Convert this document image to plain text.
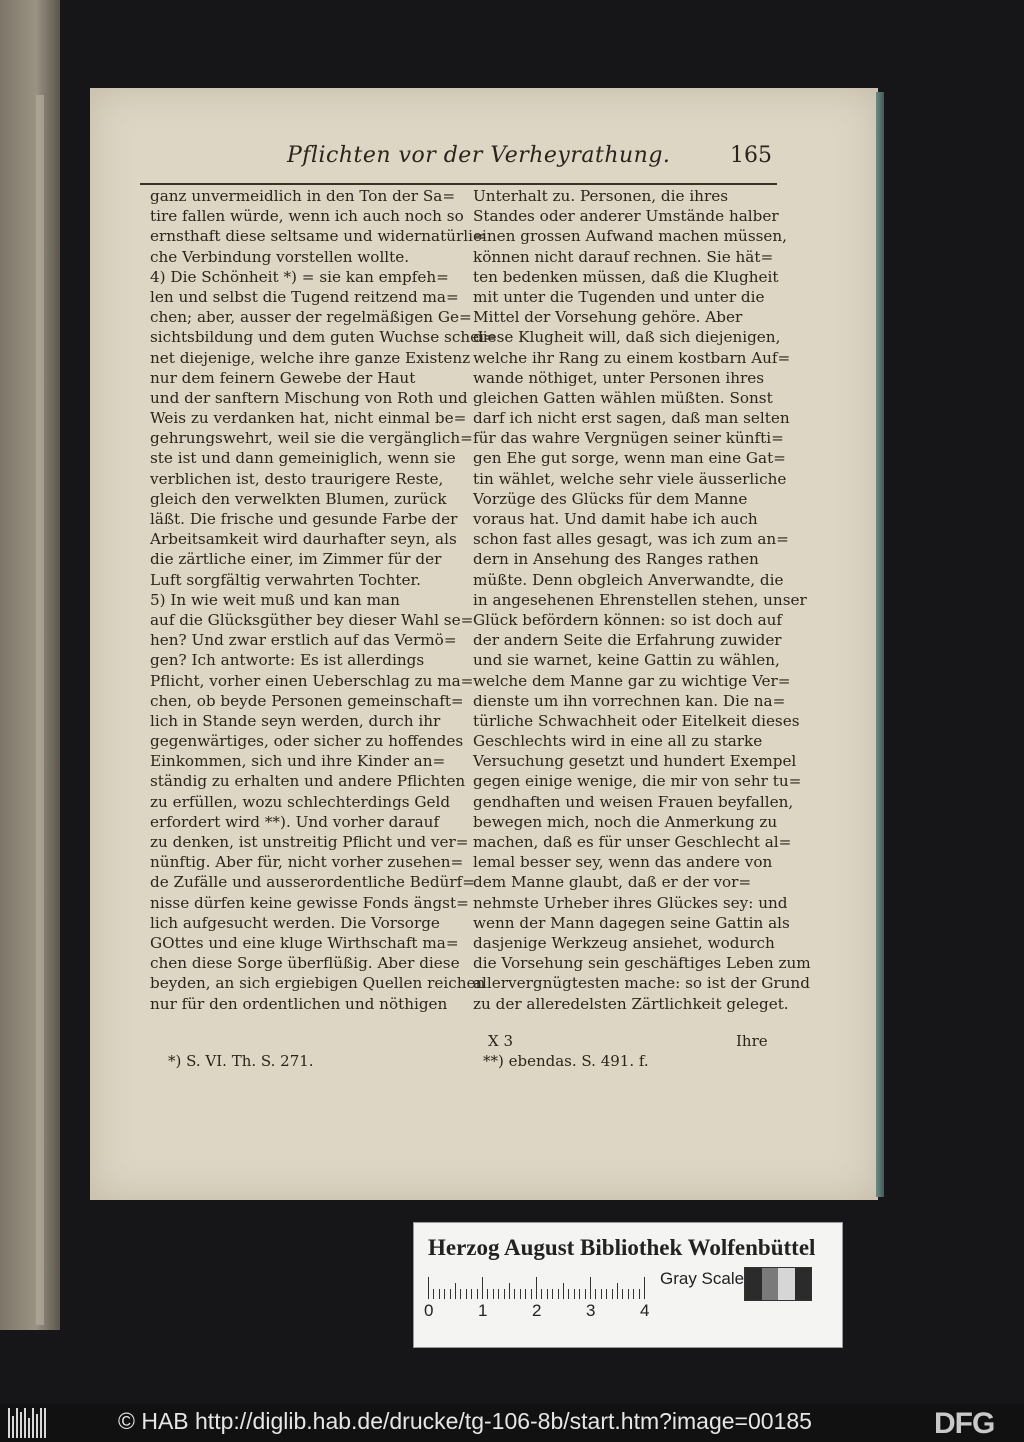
Pflichten vor der Verheyrathung.	165
ganz unvermeidlich in den Ton der Sa=
tire fallen würde, wenn ich auch noch so
ernsthaft diese seltsame und widernatürli=
che Verbindung vorstellen wollte.
4) Die Schönheit *) = sie kan empfeh=
len und selbst die Tugend reitzend ma=
chen; aber, ausser der regelmäßigen Ge=
sichtsbildung und dem guten Wuchse schei=
net diejenige, welche ihre ganze Existenz
nur dem feinern Gewebe der Haut
und der sanftern Mischung von Roth und
Weis zu verdanken hat, nicht einmal be=
gehrungswehrt, weil sie die vergänglich=
ste ist und dann gemeiniglich, wenn sie
verblichen ist, desto traurigere Reste,
gleich den verwelkten Blumen, zurück
läßt. Die frische und gesunde Farbe der
Arbeitsamkeit wird daurhafter seyn, als
die zärtliche einer, im Zimmer für der
Luft sorgfältig verwahrten Tochter.
5) In wie weit muß und kan man
auf die Glücksgüther bey dieser Wahl se=
hen? Und zwar erstlich auf das Vermö=
gen? Ich antworte: Es ist allerdings
Pflicht, vorher einen Ueberschlag zu ma=
chen, ob beyde Personen gemeinschaft=
lich in Stande seyn werden, durch ihr
gegenwärtiges, oder sicher zu hoffendes
Einkommen, sich und ihre Kinder an=
ständig zu erhalten und andere Pflichten
zu erfüllen, wozu schlechterdings Geld
erfordert wird **). Und vorher darauf
zu denken, ist unstreitig Pflicht und ver=
nünftig. Aber für, nicht vorher zusehen=
de Zufälle und ausserordentliche Bedürf=
nisse dürfen keine gewisse Fonds ängst=
lich aufgesucht werden. Die Vorsorge
GOttes und eine kluge Wirthschaft ma=
chen diese Sorge überflüßig. Aber diese
beyden, an sich ergiebigen Quellen reichen
nur für den ordentlichen und nöthigen
Unterhalt zu. Personen, die ihres
Standes oder anderer Umstände halber
einen grossen Aufwand machen müssen,
können nicht darauf rechnen. Sie hät=
ten bedenken müssen, daß die Klugheit
mit unter die Tugenden und unter die
Mittel der Vorsehung gehöre. Aber
diese Klugheit will, daß sich diejenigen,
welche ihr Rang zu einem kostbarn Auf=
wande nöthiget, unter Personen ihres
gleichen Gatten wählen müßten. Sonst
darf ich nicht erst sagen, daß man selten
für das wahre Vergnügen seiner künfti=
gen Ehe gut sorge, wenn man eine Gat=
tin wählet, welche sehr viele äusserliche
Vorzüge des Glücks für dem Manne
voraus hat. Und damit habe ich auch
schon fast alles gesagt, was ich zum an=
dern in Ansehung des Ranges rathen
müßte. Denn obgleich Anverwandte, die
in angesehenen Ehrenstellen stehen, unser
Glück befördern können: so ist doch auf
der andern Seite die Erfahrung zuwider
und sie warnet, keine Gattin zu wählen,
welche dem Manne gar zu wichtige Ver=
dienste um ihn vorrechnen kan. Die na=
türliche Schwachheit oder Eitelkeit dieses
Geschlechts wird in eine all zu starke
Versuchung gesetzt und hundert Exempel
gegen einige wenige, die mir von sehr tu=
gendhaften und weisen Frauen beyfallen,
bewegen mich, noch die Anmerkung zu
machen, daß es für unser Geschlecht al=
lemal besser sey, wenn das andere von
dem Manne glaubt, daß er der vor=
nehmste Urheber ihres Glückes sey: und
wenn der Mann dagegen seine Gattin als
dasjenige Werkzeug ansiehet, wodurch
die Vorsehung sein geschäftiges Leben zum
allervergnügtesten mache: so ist der Grund
zu der alleredelsten Zärtlichkeit geleget.
X 3	Ihre
*) S. VI. Th. S. 271.	**) ebendas. S. 491. f.
Herzog August Bibliothek Wolfenbüttel
0	1	2	3	4
Gray Scale
© HAB http://diglib.hab.de/drucke/tg-106-8b/start.htm?image=00185	DFG
